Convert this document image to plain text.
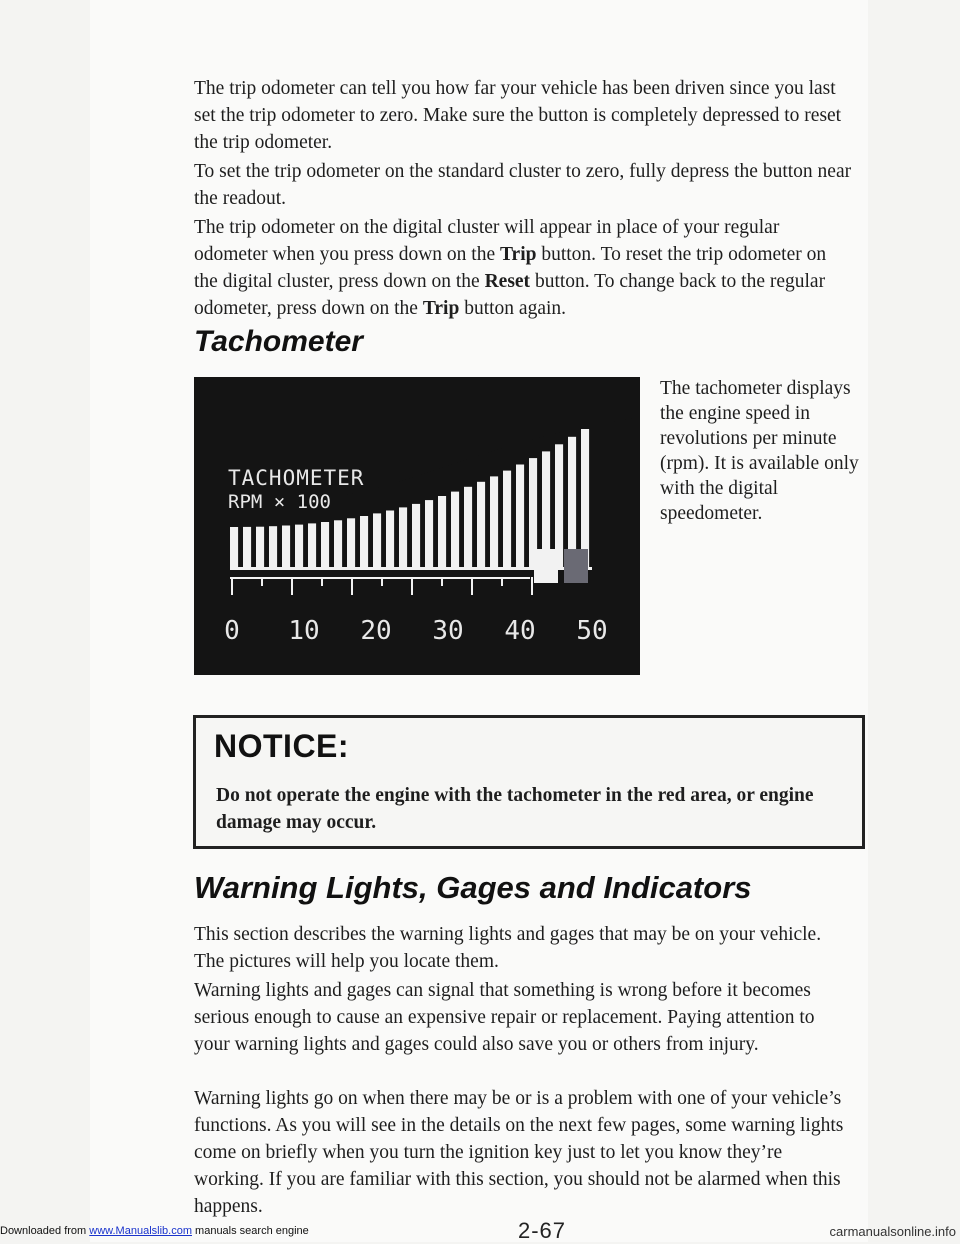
The trip odometer can tell you how far your vehicle has been driven since you last set the trip odometer to zero. Make sure the button is completely depressed to reset the trip odometer.

To set the trip odometer on the standard cluster to zero, fully depress the button near the readout.

The trip odometer on the digital cluster will appear in place of your regular odometer when you press down on the Trip button. To reset the trip odometer on the digital cluster, press down on the Reset button. To change back to the regular odometer, press down on the Trip button again.

Tachometer
TACHOMETER
RPM × 100
0 10 20 30 40 50

The tachometer displays the engine speed in revolutions per minute (rpm). It is available only with the digital speedometer.

NOTICE:
Do not operate the engine with the tachometer in the red area, or engine damage may occur.
Warning Lights, Gages and Indicators

This section describes the warning lights and gages that may be on your vehicle. The pictures will help you locate them.

Warning lights and gages can signal that something is wrong before it becomes serious enough to cause an expensive repair or replacement. Paying attention to your warning lights and gages could also save you or others from injury.

Warning lights go on when there may be or is a problem with one of your vehicle’s functions. As you will see in the details on the next few pages, some warning lights come on briefly when you turn the ignition key just to let you know they’re working. If you are familiar with this section, you should not be alarmed when this happens.

Downloaded from www.Manualslib.com manuals search engine	2-67	carmanualsonline.info
